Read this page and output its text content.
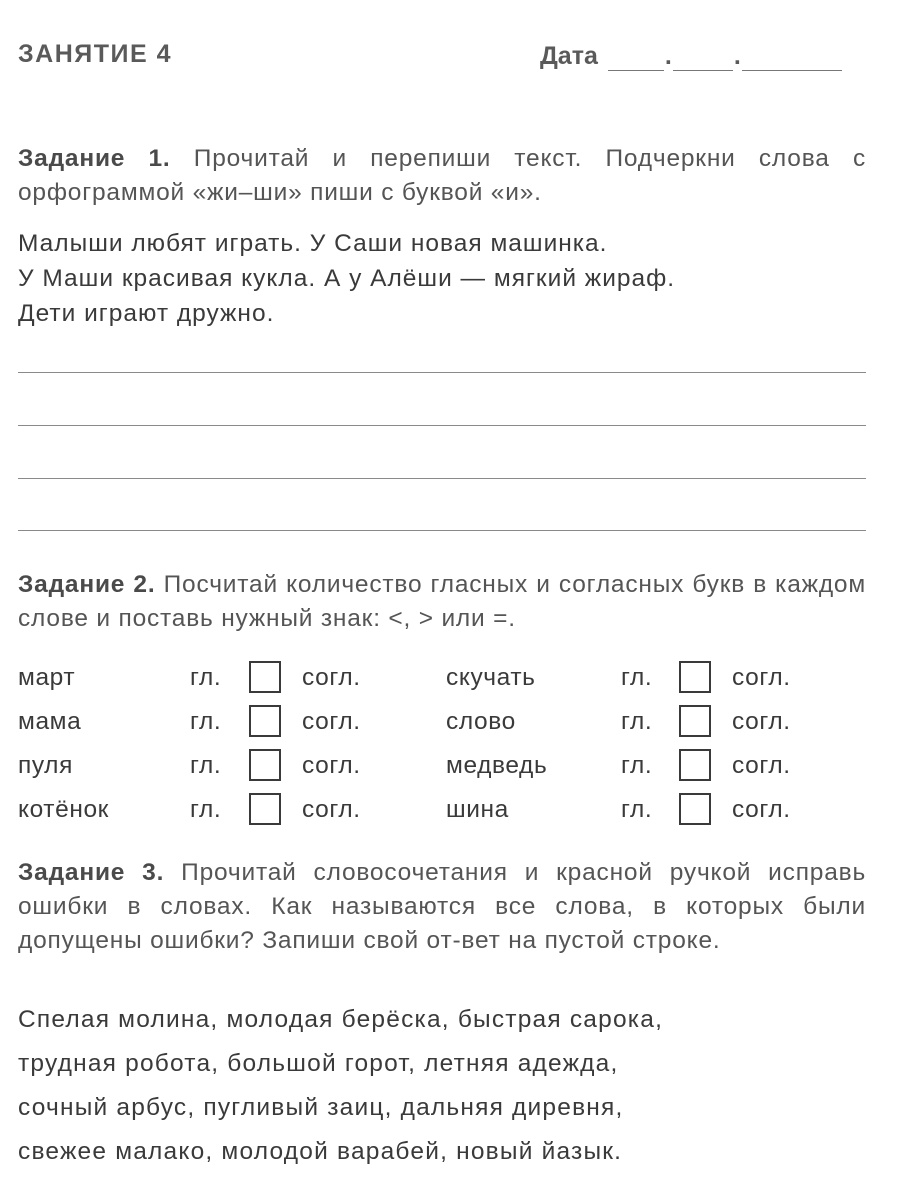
ЗАНЯТИЕ 4	Дата	. .
Задание 1. Прочитай и перепиши текст. Подчеркни слова с орфограммой «жи–ши» пиши с буквой «и».
Малыши любят играть. У Саши новая машинка.
У Маши красивая кукла. А у Алёши — мягкий жираф.
Дети играют дружно.
Задание 2. Посчитай количество гласных и согласных букв в каждом слове и поставь нужный знак: <, > или =.
март	гл.	согл.	скучать	гл.	согл.
мама	гл.	согл.	слово	гл.	согл.
пуля	гл.	согл.	медведь	гл.	согл.
котёнок	гл.	согл.	шина	гл.	согл.
Задание 3. Прочитай словосочетания и красной ручкой исправь ошибки в словах. Как называются все слова, в которых были допущены ошибки? Запиши свой от-вет на пустой строке.
Спелая молина, молодая берёска, быстрая сарока,
трудная робота, большой горот, летняя адежда,
сочный арбус, пугливый заиц, дальняя диревня,
свежее малако, молодой варабей, новый йазык.
